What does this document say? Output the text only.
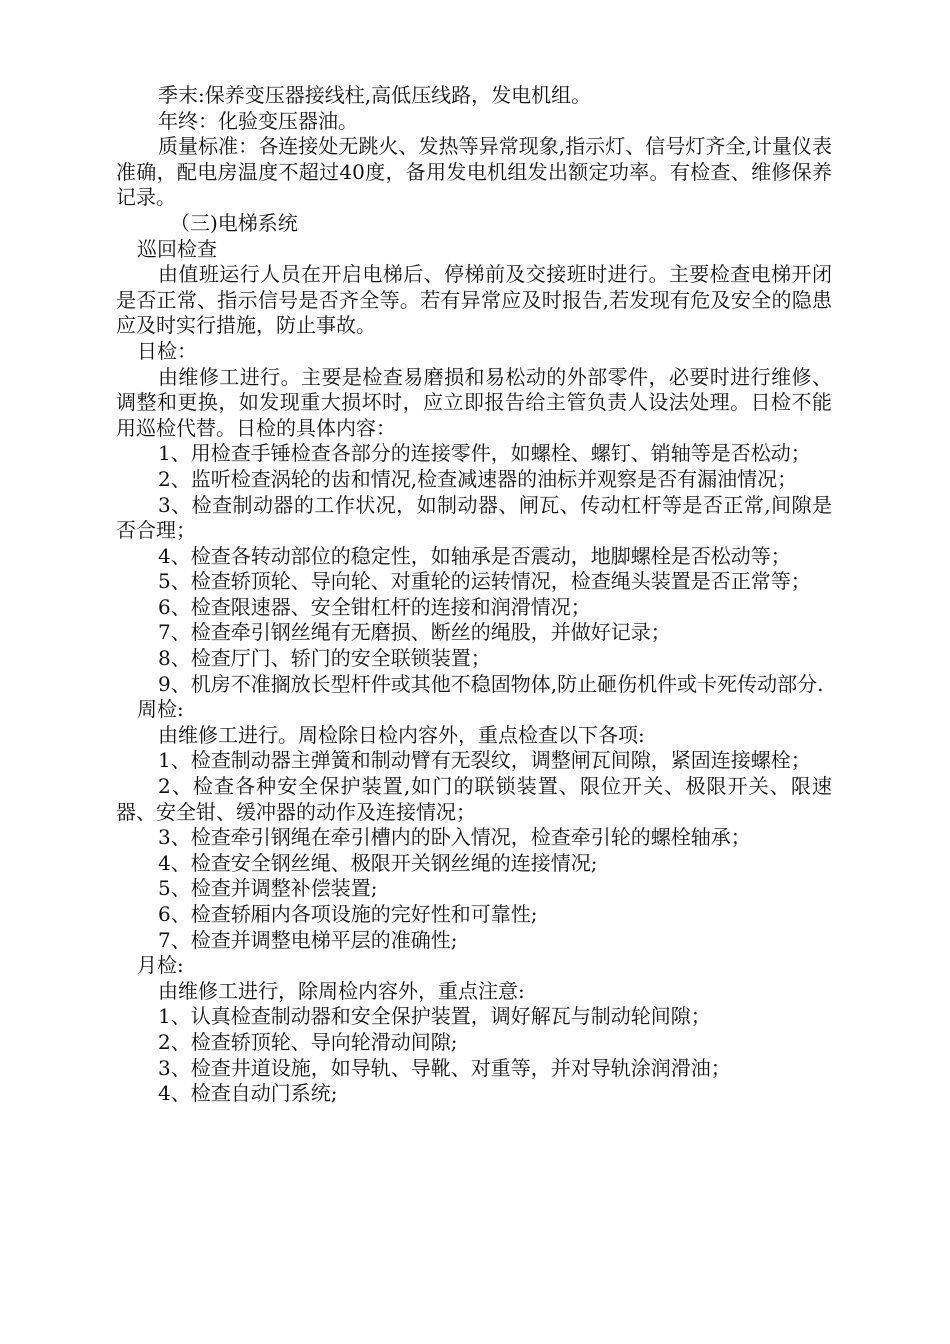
季末:保养变压器接线柱,高低压线路，发电机组。

年终：化验变压器油。

质量标准：各连接处无跳火、发热等异常现象,指示灯、信号灯齐全,计量仪表准确，配电房温度不超过40度，备用发电机组发出额定功率。有检查、维修保养记录。

（三)电梯系统

巡回检查

由值班运行人员在开启电梯后、停梯前及交接班时进行。主要检查电梯开闭是否正常、指示信号是否齐全等。若有异常应及时报告,若发现有危及安全的隐患应及时实行措施，防止事故。

日检：

由维修工进行。主要是检查易磨损和易松动的外部零件，必要时进行维修、调整和更换，如发现重大损坏时，应立即报告给主管负责人设法处理。日检不能用巡检代替。日检的具体内容：

1、用检查手锤检查各部分的连接零件，如螺栓、螺钉、销轴等是否松动；

2、监听检查涡轮的齿和情况,检查减速器的油标并观察是否有漏油情况；

3、检查制动器的工作状况，如制动器、闸瓦、传动杠杆等是否正常,间隙是否合理；

4、检查各转动部位的稳定性，如轴承是否震动，地脚螺栓是否松动等；

5、检查轿顶轮、导向轮、对重轮的运转情况，检查绳头装置是否正常等；

6、检查限速器、安全钳杠杆的连接和润滑情况；

7、检查牵引钢丝绳有无磨损、断丝的绳股，并做好记录；

8、检查厅门、轿门的安全联锁装置；

9、机房不准搁放长型杆件或其他不稳固物体,防止砸伤机件或卡死传动部分.

周检:

由维修工进行。周检除日检内容外，重点检查以下各项:

1、检查制动器主弹簧和制动臂有无裂纹，调整闸瓦间隙，紧固连接螺栓；

2、检查各种安全保护装置,如门的联锁装置、限位开关、极限开关、限速器、安全钳、缓冲器的动作及连接情况；

3、检查牵引钢绳在牵引槽内的卧入情况，检查牵引轮的螺栓轴承；

4、检查安全钢丝绳、极限开关钢丝绳的连接情况;

5、检查并调整补偿装置;

6、检查轿厢内各项设施的完好性和可靠性;

7、检查并调整电梯平层的准确性;

月检:

由维修工进行，除周检内容外，重点注意:

1、认真检查制动器和安全保护装置，调好解瓦与制动轮间隙；

2、检查轿顶轮、导向轮滑动间隙;

3、检查井道设施，如导轨、导靴、对重等，并对导轨涂润滑油；

4、检查自动门系统;
